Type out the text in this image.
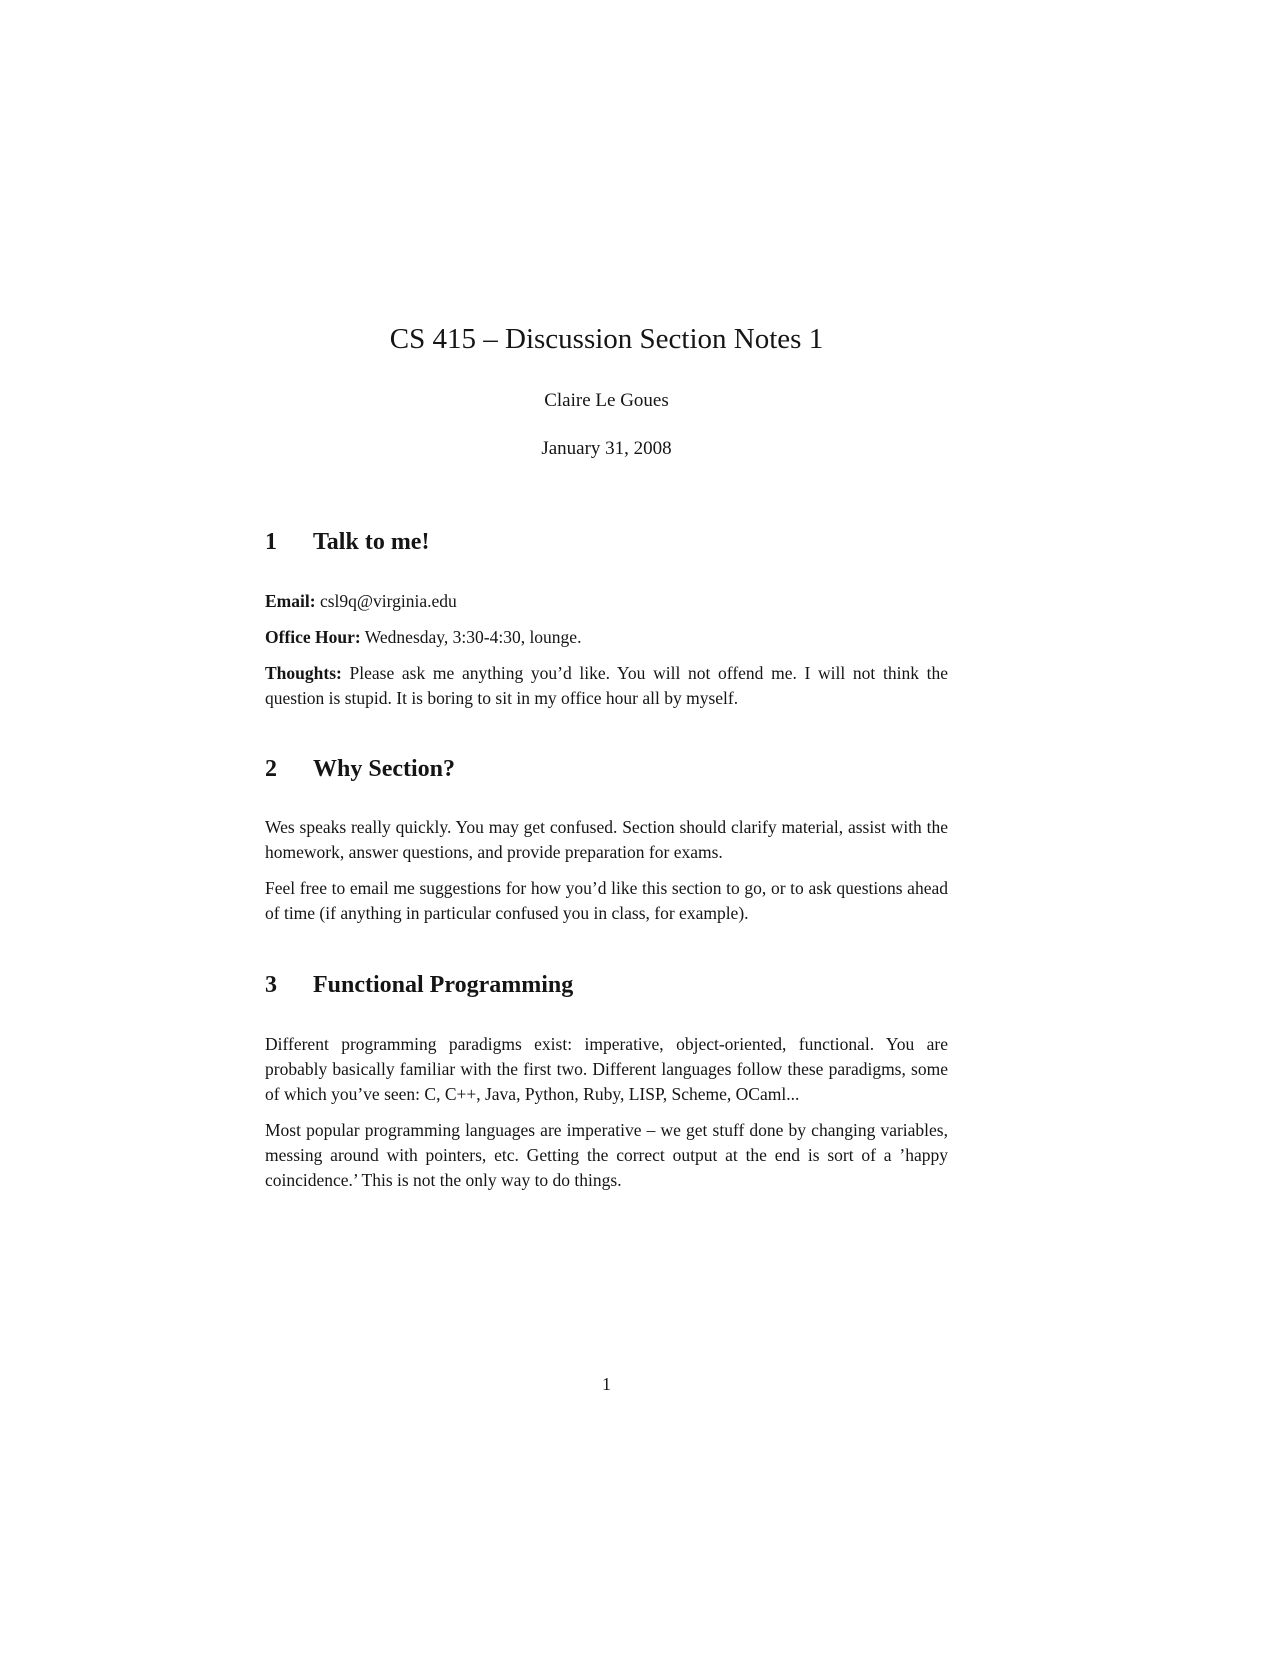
CS 415 – Discussion Section Notes 1
Claire Le Goues
January 31, 2008
1 Talk to me!

Email: csl9q@virginia.edu

Office Hour: Wednesday, 3:30-4:30, lounge.

Thoughts: Please ask me anything you’d like. You will not offend me. I will not think the question is stupid. It is boring to sit in my office hour all by myself.

2 Why Section?

Wes speaks really quickly. You may get confused. Section should clarify material, assist with the homework, answer questions, and provide preparation for exams.

Feel free to email me suggestions for how you’d like this section to go, or to ask questions ahead of time (if anything in particular confused you in class, for example).

3 Functional Programming

Different programming paradigms exist: imperative, object-oriented, functional. You are probably basically familiar with the first two. Different languages follow these paradigms, some of which you’ve seen: C, C++, Java, Python, Ruby, LISP, Scheme, OCaml...

Most popular programming languages are imperative – we get stuff done by changing variables, messing around with pointers, etc. Getting the correct output at the end is sort of a ’happy coincidence.’ This is not the only way to do things.

1
